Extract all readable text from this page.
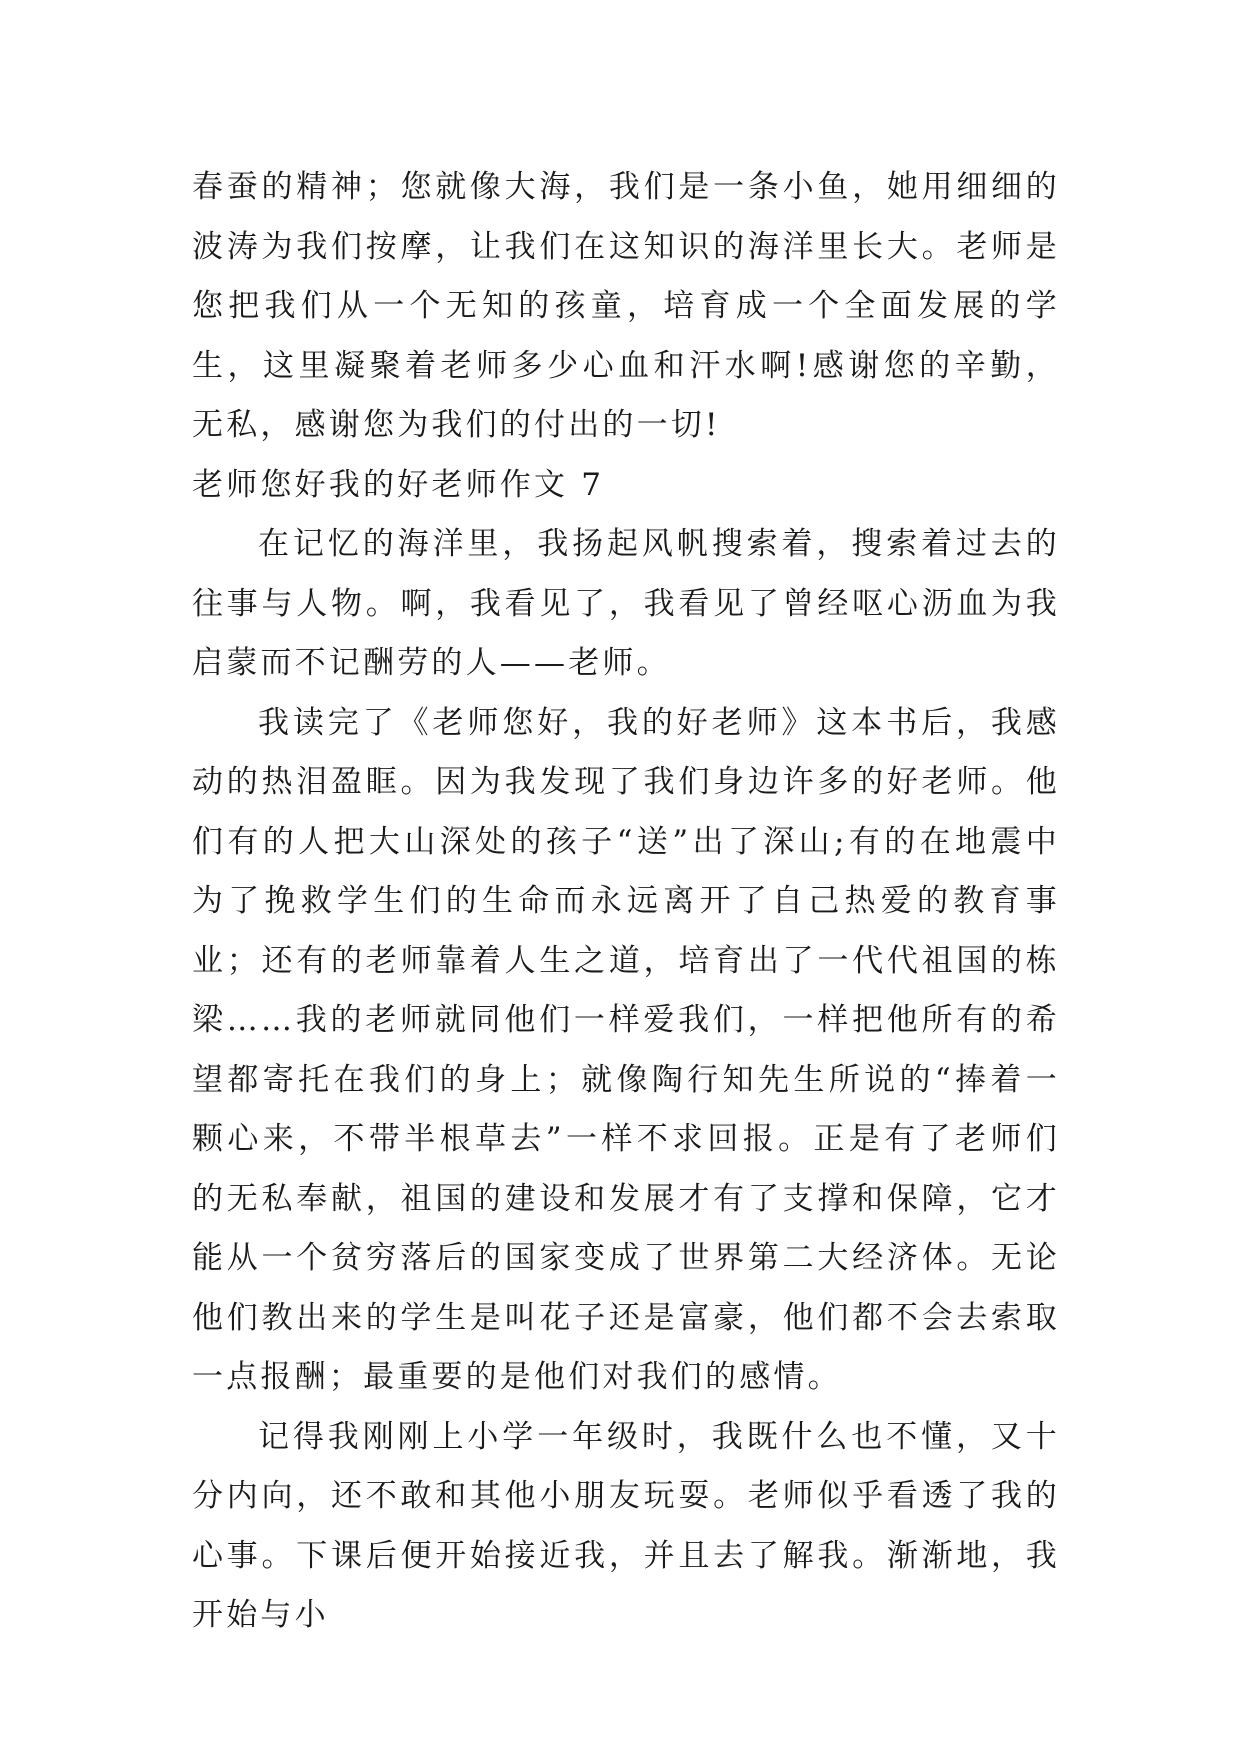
春蚕的精神；您就像大海，我们是一条小鱼，她用细细的波涛为我们按摩，让我们在这知识的海洋里长大。老师是您把我们从一个无知的孩童，培育成一个全面发展的学生，这里凝聚着老师多少心血和汗水啊!感谢您的辛勤，无私，感谢您为我们的付出的一切!

老师您好我的好老师作文 7

在记忆的海洋里，我扬起风帆搜索着，搜索着过去的往事与人物。啊，我看见了，我看见了曾经呕心沥血为我启蒙而不记酬劳的人——老师。

我读完了《老师您好，我的好老师》这本书后，我感动的热泪盈眶。因为我发现了我们身边许多的好老师。他们有的人把大山深处的孩子“送”出了深山;有的在地震中为了挽救学生们的生命而永远离开了自己热爱的教育事业；还有的老师靠着人生之道，培育出了一代代祖国的栋梁……我的老师就同他们一样爱我们，一样把他所有的希望都寄托在我们的身上；就像陶行知先生所说的“捧着一颗心来，不带半根草去”一样不求回报。正是有了老师们的无私奉献，祖国的建设和发展才有了支撑和保障，它才能从一个贫穷落后的国家变成了世界第二大经济体。无论他们教出来的学生是叫花子还是富豪，他们都不会去索取一点报酬；最重要的是他们对我们的感情。

记得我刚刚上小学一年级时，我既什么也不懂，又十分内向，还不敢和其他小朋友玩耍。老师似乎看透了我的心事。下课后便开始接近我，并且去了解我。渐渐地，我开始与小
